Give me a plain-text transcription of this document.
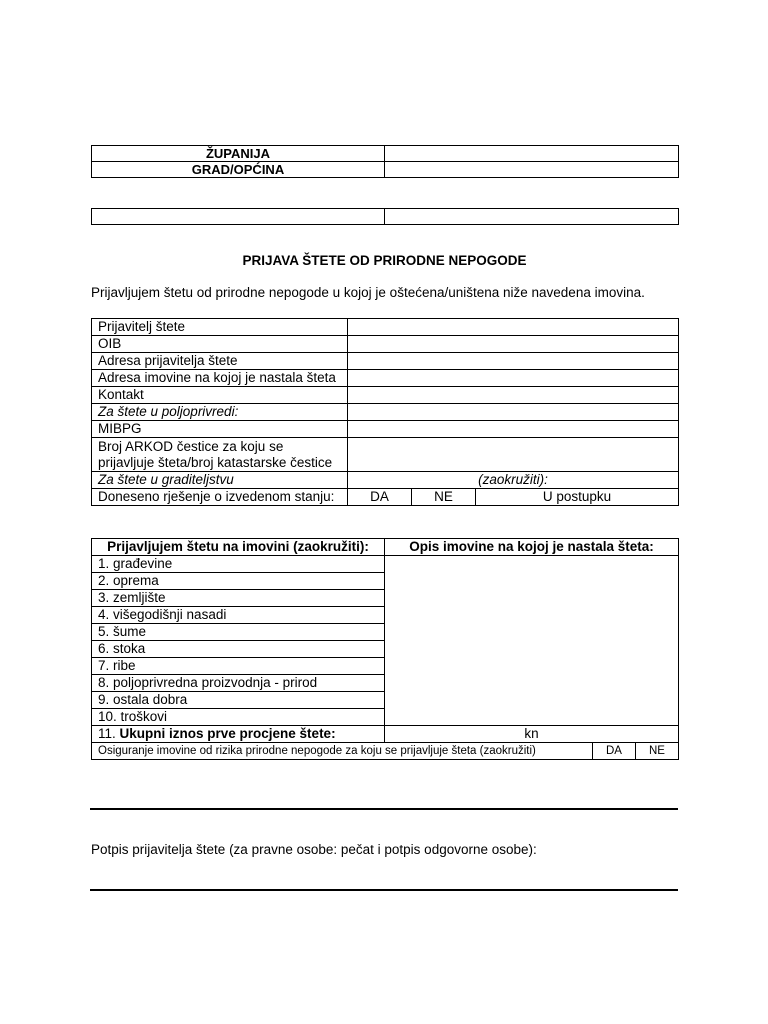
ŽUPANIJA	
GRAD/OPĆINA	

PRIJAVA ŠTETE OD PRIRODNE NEPOGODE
Prijavljujem štetu od prirodne nepogode u kojoj je oštećena/uništena niže navedena imovina.
Prijavitelj štete			
OIB			
Adresa prijavitelja štete			
Adresa imovine na kojoj je nastala šteta			
Kontakt			
Za štete u poljoprivredi:			
MIBPG			
Broj ARKOD čestice za koju se prijavljuje šteta/broj katastarske čestice			
Za štete u graditeljstvu	(zaokružiti):		
Doneseno rješenje o izvedenom stanju:	DA	NE	U postupku
Prijavljujem štetu na imovini (zaokružiti):	Opis imovine na kojoj je nastala šteta:		
1. građevine			
2. oprema			
3. zemljište			
4. višegodišnji nasadi			
5. šume			
6. stoka			
7. ribe			
8. poljoprivredna proizvodnja - prirod			
9. ostala dobra			
10. troškovi			
11. Ukupni iznos prve procjene štete:	kn		
Osiguranje imovine od rizika prirodne nepogode za koju se prijavljuje šteta (zaokružiti)		DA	NE
Potpis prijavitelja štete (za pravne osobe: pečat i potpis odgovorne osobe):
